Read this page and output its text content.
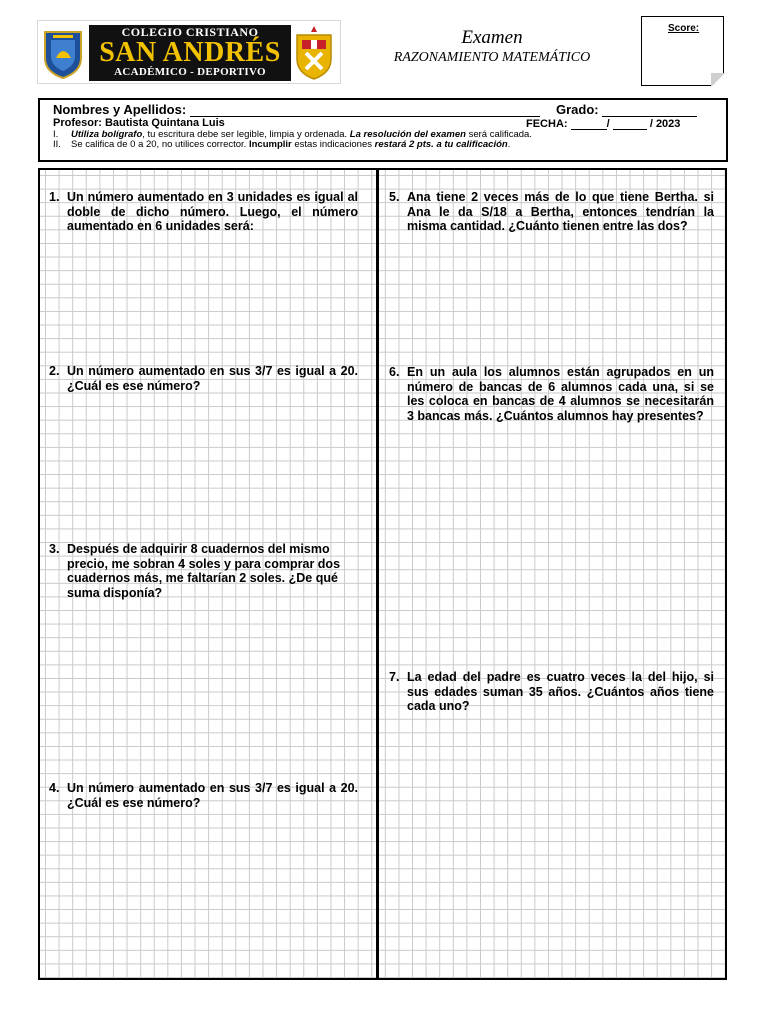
COLEGIO CRISTIANO
SAN ANDRÉS
ACADÉMICO - DEPORTIVO
Examen
RAZONAMIENTO MATEMÁTICO
Score:
Nombres y Apellidos:	Grado:
Profesor: Bautista Quintana Luis	FECHA:	/	/ 2023
I. Utiliza bolígrafo, tu escritura debe ser legible, limpia y ordenada. La resolución del examen será calificada.
II. Se califica de 0 a 20, no utilices corrector. Incumplir estas indicaciones restará 2 pts. a tu calificación.
1. Un número aumentado en 3 unidades es igual al doble de dicho número. Luego, el número aumentado en 6 unidades será:
2. Un número aumentado en sus 3/7 es igual a 20. ¿Cuál es ese número?
3. Después de adquirir 8 cuadernos del mismo precio, me sobran 4 soles y para comprar dos cuadernos más, me faltarían 2 soles. ¿De qué suma disponía?
4. Un número aumentado en sus 3/7 es igual a 20. ¿Cuál es ese número?
5. Ana tiene 2 veces más de lo que tiene Bertha. si Ana le da S/18 a Bertha, entonces tendrían la misma cantidad. ¿Cuánto tienen entre las dos?
6. En un aula los alumnos están agrupados en un número de bancas de 6 alumnos cada una, si se les coloca en bancas de 4 alumnos se necesitarán 3 bancas más. ¿Cuántos alumnos hay presentes?
7. La edad del padre es cuatro veces la del hijo, si sus edades suman 35 años. ¿Cuántos años tiene cada uno?
